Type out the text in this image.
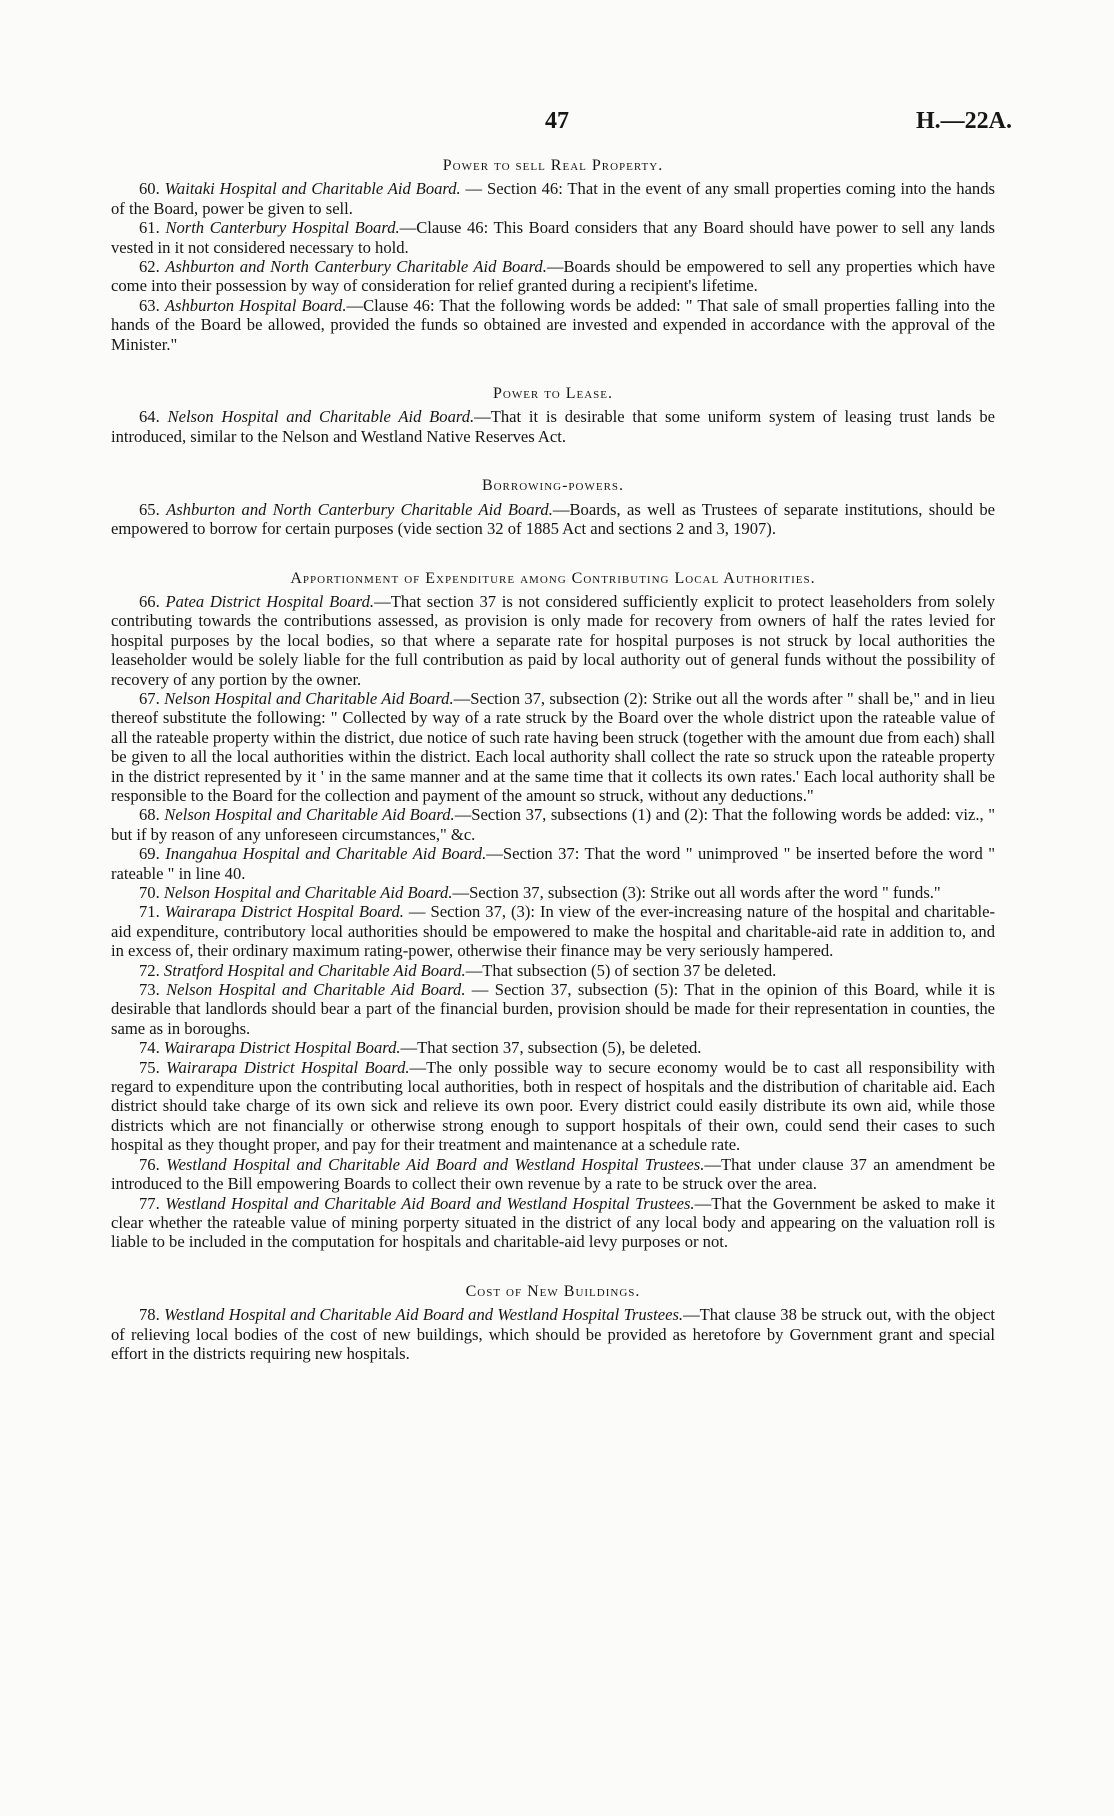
47	H.—22A.
Power to sell Real Property.

60. Waitaki Hospital and Charitable Aid Board. — Section 46: That in the event of any small properties coming into the hands of the Board, power be given to sell.

61. North Canterbury Hospital Board.—Clause 46: This Board considers that any Board should have power to sell any lands vested in it not considered necessary to hold.

62. Ashburton and North Canterbury Charitable Aid Board.—Boards should be empowered to sell any properties which have come into their possession by way of consideration for relief granted during a recipient's lifetime.

63. Ashburton Hospital Board.—Clause 46: That the following words be added: " That sale of small properties falling into the hands of the Board be allowed, provided the funds so obtained are invested and expended in accordance with the approval of the Minister."

Power to Lease.

64. Nelson Hospital and Charitable Aid Board.—That it is desirable that some uniform system of leasing trust lands be introduced, similar to the Nelson and Westland Native Reserves Act.

Borrowing-powers.

65. Ashburton and North Canterbury Charitable Aid Board.—Boards, as well as Trustees of separate institutions, should be empowered to borrow for certain purposes (vide section 32 of 1885 Act and sections 2 and 3, 1907).

Apportionment of Expenditure among Contributing Local Authorities.

66. Patea District Hospital Board.—That section 37 is not considered sufficiently explicit to protect leaseholders from solely contributing towards the contributions assessed, as provision is only made for recovery from owners of half the rates levied for hospital purposes by the local bodies, so that where a separate rate for hospital purposes is not struck by local authorities the leaseholder would be solely liable for the full contribution as paid by local authority out of general funds without the possibility of recovery of any portion by the owner.

67. Nelson Hospital and Charitable Aid Board.—Section 37, subsection (2): Strike out all the words after " shall be," and in lieu thereof substitute the following: " Collected by way of a rate struck by the Board over the whole district upon the rateable value of all the rateable property within the district, due notice of such rate having been struck (together with the amount due from each) shall be given to all the local authorities within the district. Each local authority shall collect the rate so struck upon the rateable property in the district represented by it ' in the same manner and at the same time that it collects its own rates.' Each local authority shall be responsible to the Board for the collection and payment of the amount so struck, without any deductions."

68. Nelson Hospital and Charitable Aid Board.—Section 37, subsections (1) and (2): That the following words be added: viz., " but if by reason of any unforeseen circumstances," &c.

69. Inangahua Hospital and Charitable Aid Board.—Section 37: That the word " unimproved " be inserted before the word " rateable " in line 40.

70. Nelson Hospital and Charitable Aid Board.—Section 37, subsection (3): Strike out all words after the word " funds."

71. Wairarapa District Hospital Board. — Section 37, (3): In view of the ever-increasing nature of the hospital and charitable-aid expenditure, contributory local authorities should be empowered to make the hospital and charitable-aid rate in addition to, and in excess of, their ordinary maximum rating-power, otherwise their finance may be very seriously hampered.

72. Stratford Hospital and Charitable Aid Board.—That subsection (5) of section 37 be deleted.

73. Nelson Hospital and Charitable Aid Board. — Section 37, subsection (5): That in the opinion of this Board, while it is desirable that landlords should bear a part of the financial burden, provision should be made for their representation in counties, the same as in boroughs.

74. Wairarapa District Hospital Board.—That section 37, subsection (5), be deleted.

75. Wairarapa District Hospital Board.—The only possible way to secure economy would be to cast all responsibility with regard to expenditure upon the contributing local authorities, both in respect of hospitals and the distribution of charitable aid. Each district should take charge of its own sick and relieve its own poor. Every district could easily distribute its own aid, while those districts which are not financially or otherwise strong enough to support hospitals of their own, could send their cases to such hospital as they thought proper, and pay for their treatment and maintenance at a schedule rate.

76. Westland Hospital and Charitable Aid Board and Westland Hospital Trustees.—That under clause 37 an amendment be introduced to the Bill empowering Boards to collect their own revenue by a rate to be struck over the area.

77. Westland Hospital and Charitable Aid Board and Westland Hospital Trustees.—That the Government be asked to make it clear whether the rateable value of mining porperty situated in the district of any local body and appearing on the valuation roll is liable to be included in the computation for hospitals and charitable-aid levy purposes or not.

Cost of New Buildings.

78. Westland Hospital and Charitable Aid Board and Westland Hospital Trustees.—That clause 38 be struck out, with the object of relieving local bodies of the cost of new buildings, which should be provided as heretofore by Government grant and special effort in the districts requiring new hospitals.
